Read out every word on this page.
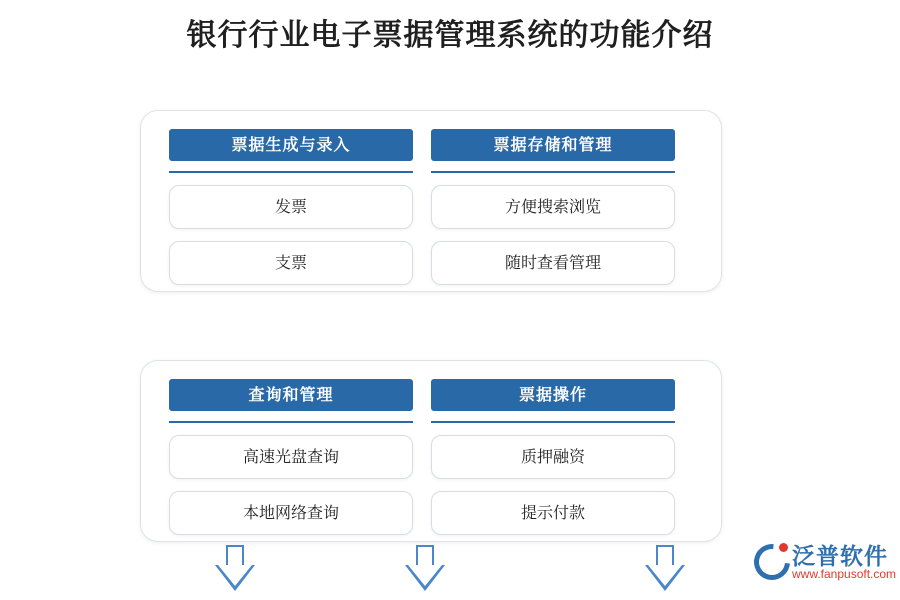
银行行业电子票据管理系统的功能介绍
票据生成与录入
发票
支票
票据存储和管理
方便搜索浏览
随时查看管理
查询和管理
高速光盘查询
本地网络查询
票据操作
质押融资
提示付款
泛普软件
www.fanpusoft.com
